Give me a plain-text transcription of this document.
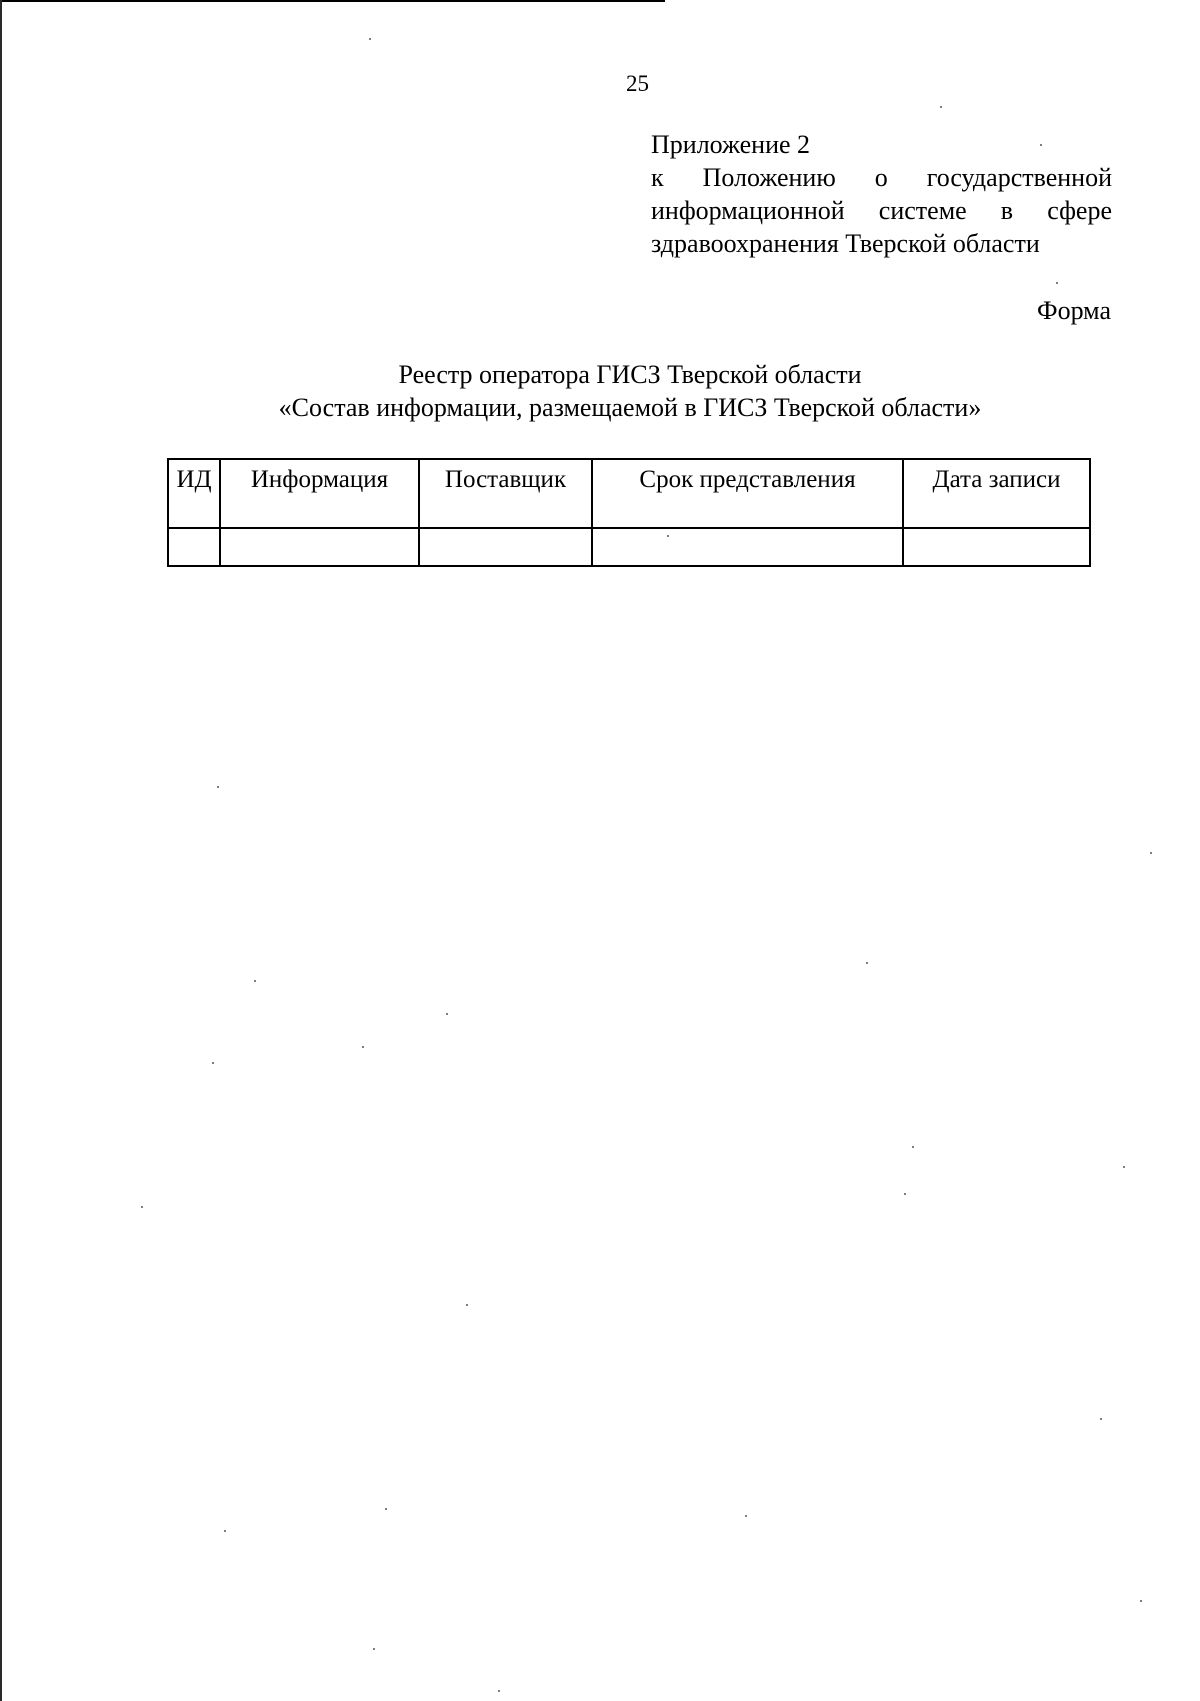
25
Приложение 2
к Положению о государственной
информационной системе в сфере
здравоохранения Тверской области
Форма
Реестр оператора ГИСЗ Тверской области
«Состав информации, размещаемой в ГИСЗ Тверской области»
ИД	Информация	Поставщик	Срок представления	Дата записи
